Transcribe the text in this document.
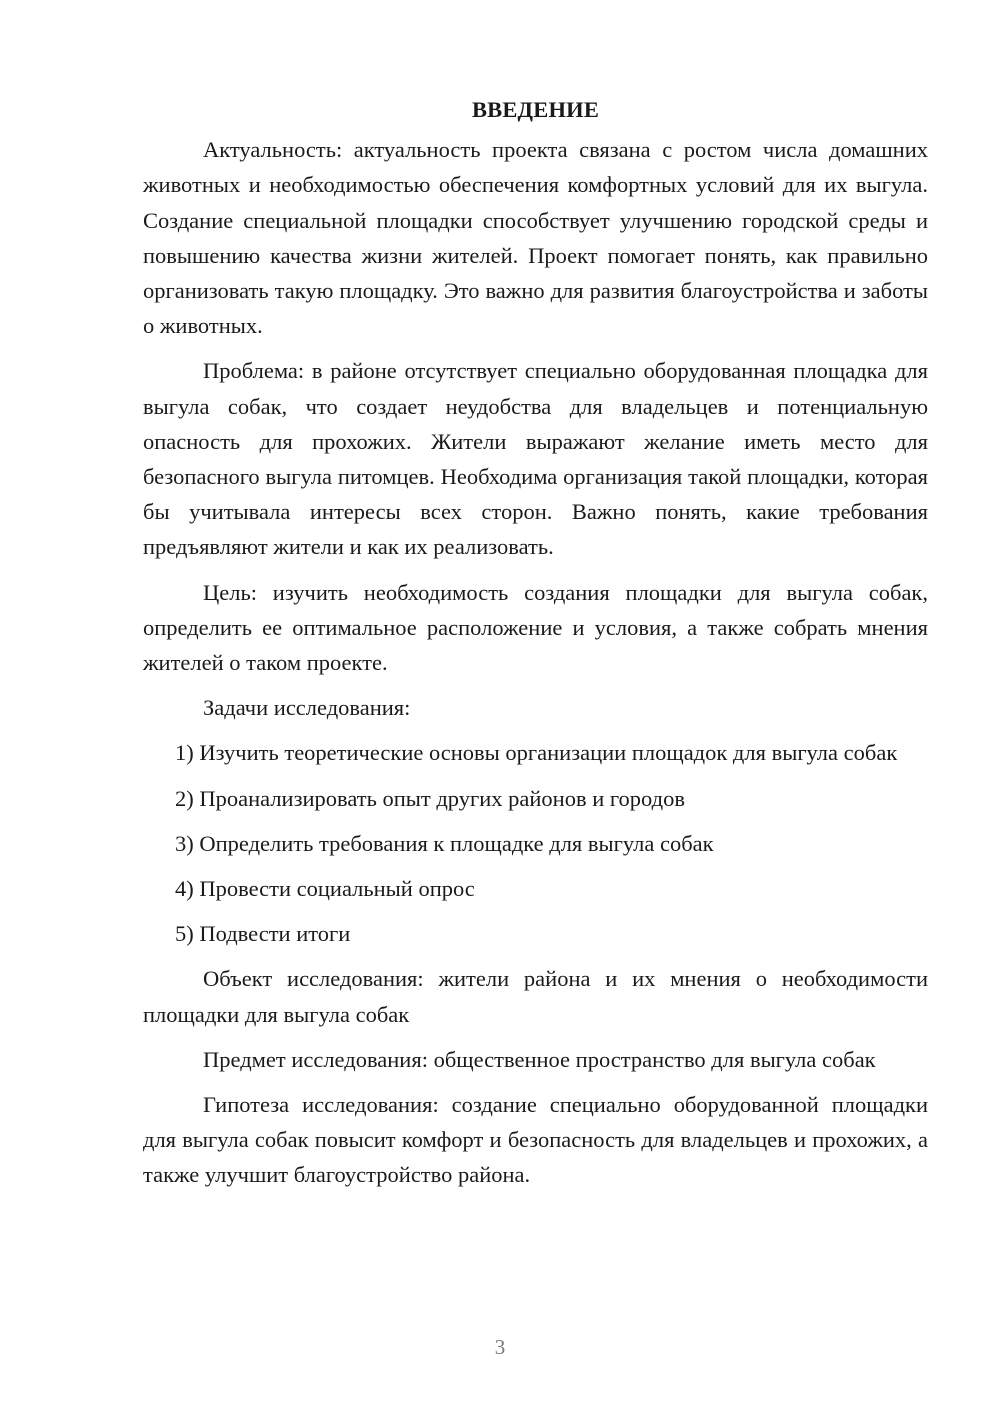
ВВЕДЕНИЕ

Актуальность: актуальность проекта связана с ростом числа домашних животных и необходимостью обеспечения комфортных условий для их выгула. Создание специальной площадки способствует улучшению городской среды и повышению качества жизни жителей. Проект помогает понять, как правильно организовать такую площадку. Это важно для развития благоустройства и заботы о животных.

Проблема: в районе отсутствует специально оборудованная площадка для выгула собак, что создает неудобства для владельцев и потенциальную опасность для прохожих. Жители выражают желание иметь место для безопасного выгула питомцев. Необходима организация такой площадки, которая бы учитывала интересы всех сторон. Важно понять, какие требования предъявляют жители и как их реализовать.

Цель: изучить необходимость создания площадки для выгула собак, определить ее оптимальное расположение и условия, а также собрать мнения жителей о таком проекте.

Задачи исследования:

1) Изучить теоретические основы организации площадок для выгула собак

2) Проанализировать опыт других районов и городов

3) Определить требования к площадке для выгула собак

4) Провести социальный опрос

5) Подвести итоги

Объект исследования: жители района и их мнения о необходимости площадки для выгула собак

Предмет исследования: общественное пространство для выгула собак

Гипотеза исследования: создание специально оборудованной площадки для выгула собак повысит комфорт и безопасность для владельцев и прохожих, а также улучшит благоустройство района.

3
